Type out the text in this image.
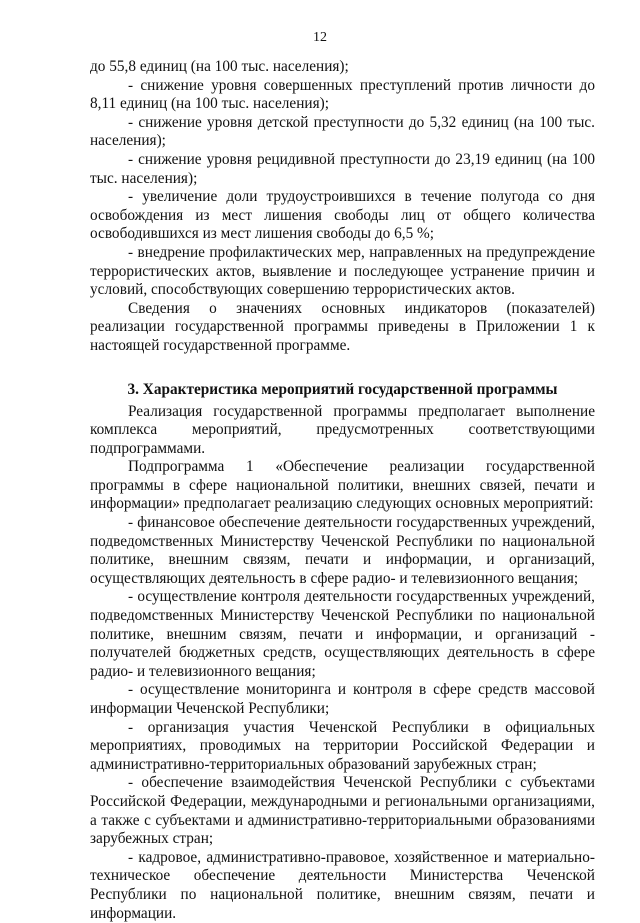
12

до 55,8 единиц (на 100 тыс. населения);

- снижение уровня совершенных преступлений против личности до 8,11 единиц (на 100 тыс. населения);

- снижение уровня детской преступности до 5,32 единиц (на 100 тыс. населения);

- снижение уровня рецидивной преступности до 23,19 единиц (на 100 тыс. населения);

- увеличение доли трудоустроившихся в течение полугода со дня освобождения из мест лишения свободы лиц от общего количества освободившихся из мест лишения свободы до 6,5 %;

- внедрение профилактических мер, направленных на предупреждение террористических актов, выявление и последующее устранение причин и условий, способствующих совершению террористических актов.

Сведения о значениях основных индикаторов (показателей) реализации государственной программы приведены в Приложении 1 к настоящей государственной программе.

3. Характеристика мероприятий государственной программы

Реализация государственной программы предполагает выполнение комплекса мероприятий, предусмотренных соответствующими подпрограммами.

Подпрограмма 1 «Обеспечение реализации государственной программы в сфере национальной политики, внешних связей, печати и информации» предполагает реализацию следующих основных мероприятий:

- финансовое обеспечение деятельности государственных учреждений, подведомственных Министерству Чеченской Республики по национальной политике, внешним связям, печати и информации, и организаций, осуществляющих деятельность в сфере радио- и телевизионного вещания;

- осуществление контроля деятельности государственных учреждений, подведомственных Министерству Чеченской Республики по национальной политике, внешним связям, печати и информации, и организаций - получателей бюджетных средств, осуществляющих деятельность в сфере радио- и телевизионного вещания;

- осуществление мониторинга и контроля в сфере средств массовой информации Чеченской Республики;

- организация участия Чеченской Республики в официальных мероприятиях, проводимых на территории Российской Федерации и административно-территориальных образований зарубежных стран;

- обеспечение взаимодействия Чеченской Республики с субъектами Российской Федерации, международными и региональными организациями, а также с субъектами и административно-территориальными образованиями зарубежных стран;

- кадровое, административно-правовое, хозяйственное и материально-техническое обеспечение деятельности Министерства Чеченской Республики по национальной политике, внешним связям, печати и информации.
